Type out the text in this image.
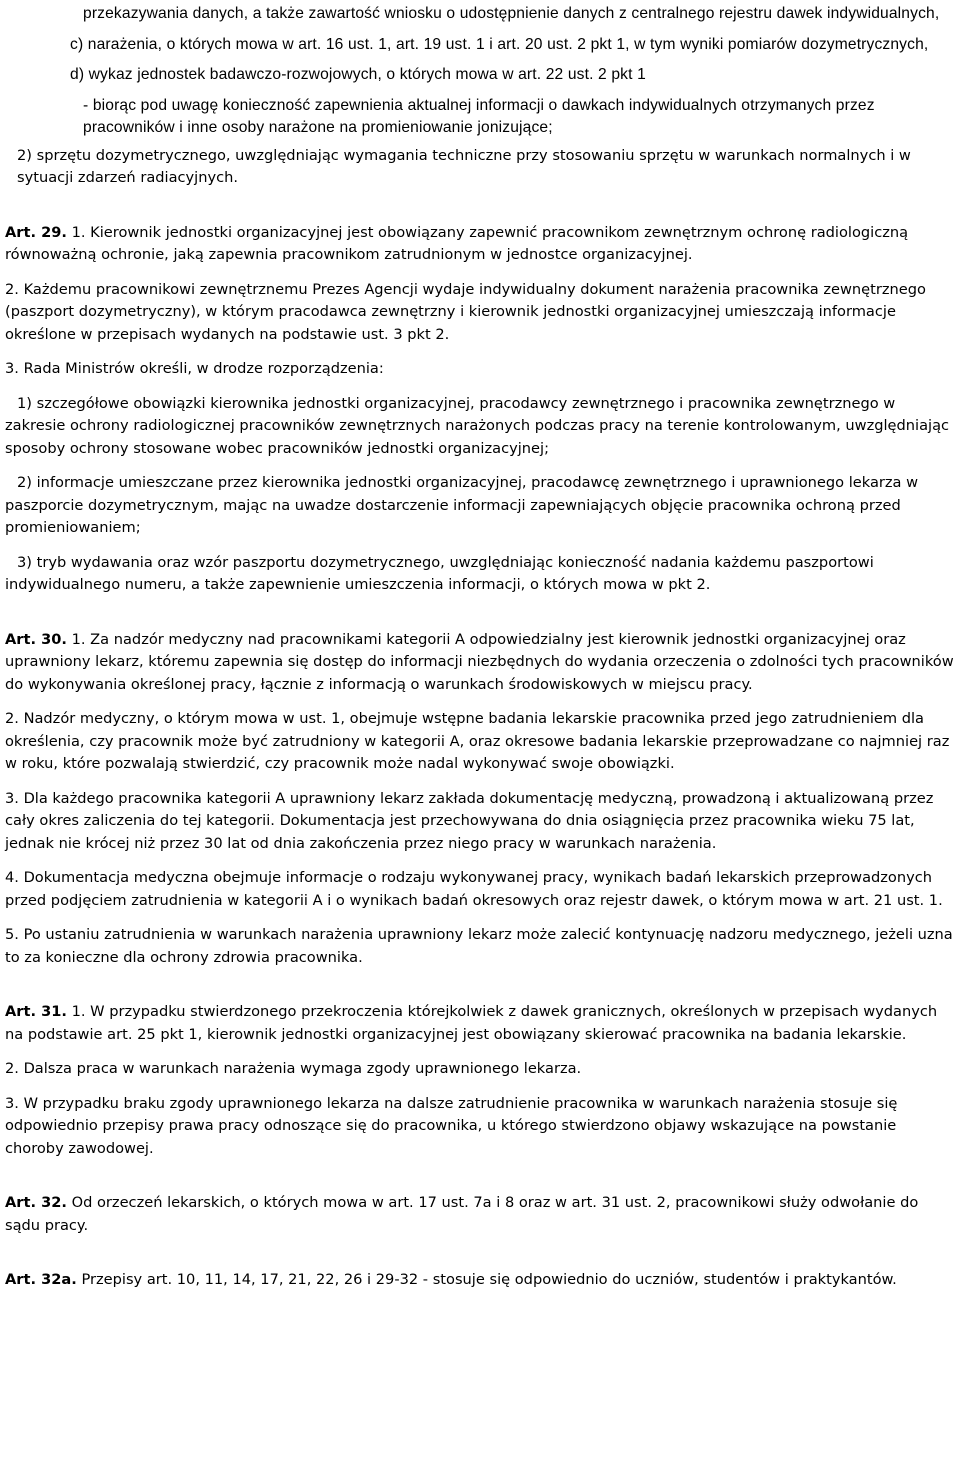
przekazywania danych, a także zawartość wniosku o udostępnienie danych z centralnego rejestru dawek indywidualnych,

c) narażenia, o których mowa w art. 16 ust. 1, art. 19 ust. 1 i art. 20 ust. 2 pkt 1, w tym wyniki pomiarów dozymetrycznych,

d) wykaz jednostek badawczo-rozwojowych, o których mowa w art. 22 ust. 2 pkt 1

- biorąc pod uwagę konieczność zapewnienia aktualnej informacji o dawkach indywidualnych otrzymanych przez pracowników i inne osoby narażone na promieniowanie jonizujące;

2) sprzętu dozymetrycznego, uwzględniając wymagania techniczne przy stosowaniu sprzętu w warunkach normalnych i w sytuacji zdarzeń radiacyjnych.

Art. 29. 1. Kierownik jednostki organizacyjnej jest obowiązany zapewnić pracownikom zewnętrznym ochronę radiologiczną równoważną ochronie, jaką zapewnia pracownikom zatrudnionym w jednostce organizacyjnej.

2. Każdemu pracownikowi zewnętrznemu Prezes Agencji wydaje indywidualny dokument narażenia pracownika zewnętrznego (paszport dozymetryczny), w którym pracodawca zewnętrzny i kierownik jednostki organizacyjnej umieszczają informacje określone w przepisach wydanych na podstawie ust. 3 pkt 2.

3. Rada Ministrów określi, w drodze rozporządzenia:

1) szczegółowe obowiązki kierownika jednostki organizacyjnej, pracodawcy zewnętrznego i pracownika zewnętrznego w zakresie ochrony radiologicznej pracowników zewnętrznych narażonych podczas pracy na terenie kontrolowanym, uwzględniając sposoby ochrony stosowane wobec pracowników jednostki organizacyjnej;

2) informacje umieszczane przez kierownika jednostki organizacyjnej, pracodawcę zewnętrznego i uprawnionego lekarza w paszporcie dozymetrycznym, mając na uwadze dostarczenie informacji zapewniających objęcie pracownika ochroną przed promieniowaniem;

3) tryb wydawania oraz wzór paszportu dozymetrycznego, uwzględniając konieczność nadania każdemu paszportowi indywidualnego numeru, a także zapewnienie umieszczenia informacji, o których mowa w pkt 2.

Art. 30. 1. Za nadzór medyczny nad pracownikami kategorii A odpowiedzialny jest kierownik jednostki organizacyjnej oraz uprawniony lekarz, któremu zapewnia się dostęp do informacji niezbędnych do wydania orzeczenia o zdolności tych pracowników do wykonywania określonej pracy, łącznie z informacją o warunkach środowiskowych w miejscu pracy.

2. Nadzór medyczny, o którym mowa w ust. 1, obejmuje wstępne badania lekarskie pracownika przed jego zatrudnieniem dla określenia, czy pracownik może być zatrudniony w kategorii A, oraz okresowe badania lekarskie przeprowadzane co najmniej raz w roku, które pozwalają stwierdzić, czy pracownik może nadal wykonywać swoje obowiązki.

3. Dla każdego pracownika kategorii A uprawniony lekarz zakłada dokumentację medyczną, prowadzoną i aktualizowaną przez cały okres zaliczenia do tej kategorii. Dokumentacja jest przechowywana do dnia osiągnięcia przez pracownika wieku 75 lat, jednak nie krócej niż przez 30 lat od dnia zakończenia przez niego pracy w warunkach narażenia.

4. Dokumentacja medyczna obejmuje informacje o rodzaju wykonywanej pracy, wynikach badań lekarskich przeprowadzonych przed podjęciem zatrudnienia w kategorii A i o wynikach badań okresowych oraz rejestr dawek, o którym mowa w art. 21 ust. 1.

5. Po ustaniu zatrudnienia w warunkach narażenia uprawniony lekarz może zalecić kontynuację nadzoru medycznego, jeżeli uzna to za konieczne dla ochrony zdrowia pracownika.

Art. 31. 1. W przypadku stwierdzonego przekroczenia którejkolwiek z dawek granicznych, określonych w przepisach wydanych na podstawie art. 25 pkt 1, kierownik jednostki organizacyjnej jest obowiązany skierować pracownika na badania lekarskie.

2. Dalsza praca w warunkach narażenia wymaga zgody uprawnionego lekarza.

3. W przypadku braku zgody uprawnionego lekarza na dalsze zatrudnienie pracownika w warunkach narażenia stosuje się odpowiednio przepisy prawa pracy odnoszące się do pracownika, u którego stwierdzono objawy wskazujące na powstanie choroby zawodowej.

Art. 32. Od orzeczeń lekarskich, o których mowa w art. 17 ust. 7a i 8 oraz w art. 31 ust. 2, pracownikowi służy odwołanie do sądu pracy.

Art. 32a. Przepisy art. 10, 11, 14, 17, 21, 22, 26 i 29-32 - stosuje się odpowiednio do uczniów, studentów i praktykantów.
